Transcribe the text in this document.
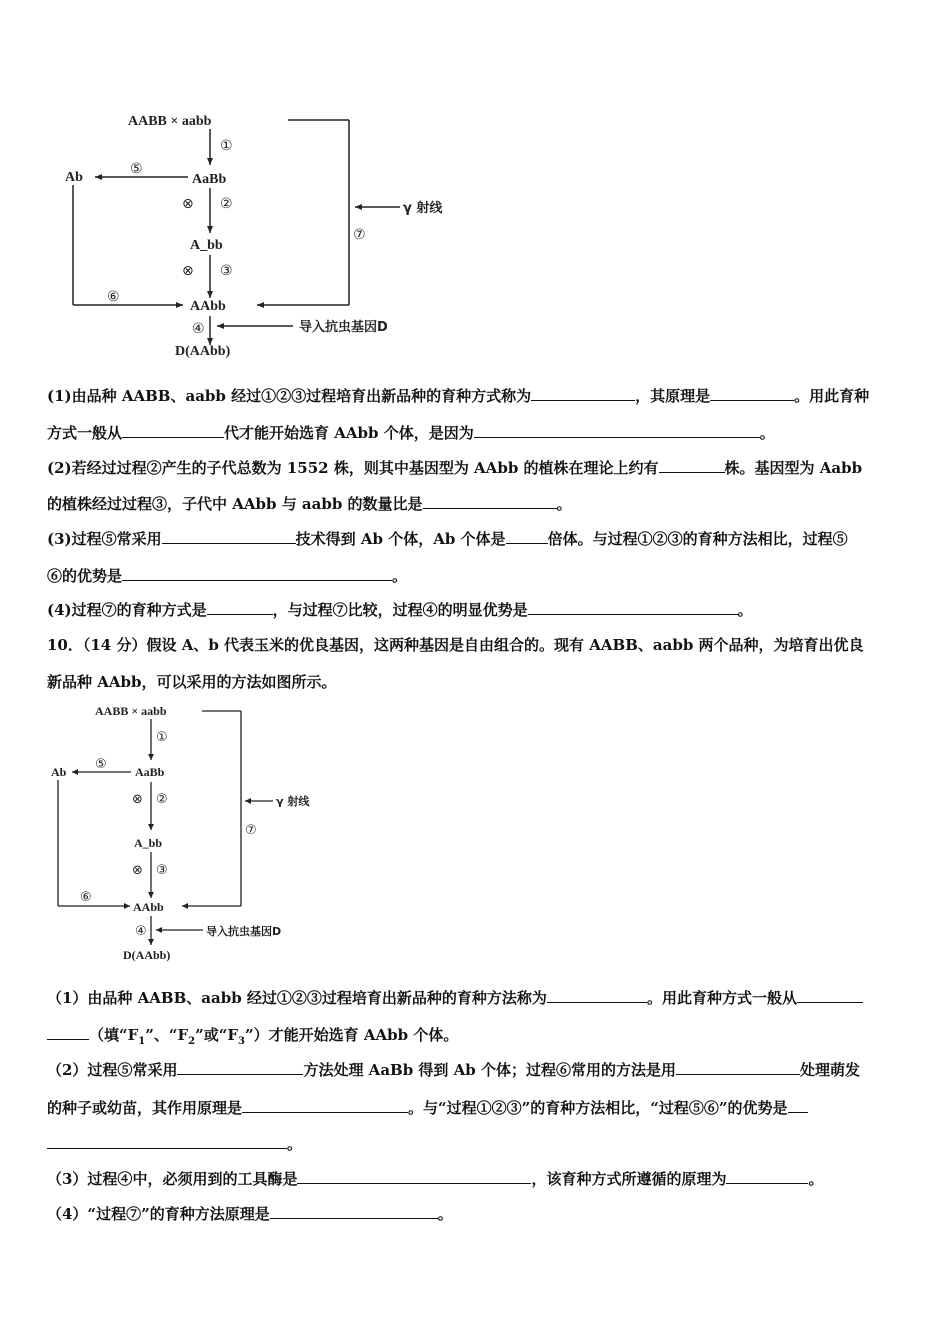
AABB × aabb
γ 射线
⑦
①
AaBb
⑤
Ab
⊗ ②
A_bb
⊗ ③
AAbb
⑥
④	导入抗虫基因D
D(AAbb)
(1)由品种 AABB、aabb 经过①②③过程培育出新品种的育种方式称为	，其原理是	。用此育种
方式一般从	代才能开始选育 AAbb 个体，是因为	。
(2)若经过过程②产生的子代总数为 1552 株，则其中基因型为 AAbb 的植株在理论上约有	株。基因型为 Aabb
的植株经过过程③，子代中 AAbb 与 aabb 的数量比是	。
(3)过程⑤常采用	技术得到 Ab 个体，Ab 个体是	倍体。与过程①②③的育种方法相比，过程⑤
⑥的优势是	。
(4)过程⑦的育种方式是	，与过程⑦比较，过程④的明显优势是	。
10．（14 分）假设 A、b 代表玉米的优良基因，这两种基因是自由组合的。现有 AABB、aabb 两个品种，为培育出优良
新品种 AAbb，可以采用的方法如图所示。
AABB × aabb
γ 射线
⑦
①
AaBb
⑤
Ab
⊗ ②
A_bb
⊗ ③
AAbb
⑥
④	导入抗虫基因D
D(AAbb)
（1）由品种 AABB、aabb 经过①②③过程培育出新品种的育种方法称为	。用此育种方式一般从
（填“$F_1$”、“$F_2$”或“$F_3$”）才能开始选育 AAbb 个体。
（2）过程⑤常采用	方法处理 AaBb 得到 Ab 个体；过程⑥常用的方法是用	处理萌发
的种子或幼苗，其作用原理是	。与“过程①②③”的育种方法相比，“过程⑤⑥”的优势是
。
（3）过程④中，必须用到的工具酶是	，该育种方式所遵循的原理为	。
（4）“过程⑦”的育种方法原理是	。
